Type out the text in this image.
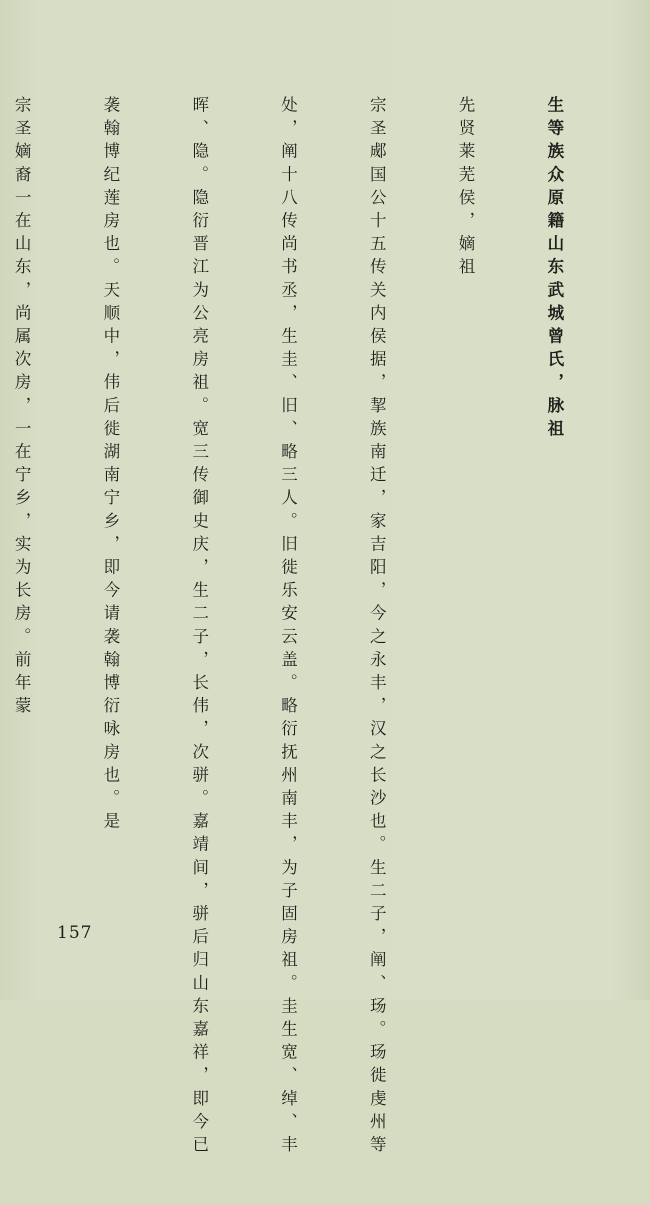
生等族众原籍山东武城曾氏，脉祖

先贤莱芜侯，嫡祖

宗圣郕国公十五传关内侯据，挈族南迁，家吉阳，今之永丰，汉之长沙也。生二子，阐、玚。玚徙虔州等

处，阐十八传尚书丞，生圭、旧、略三人。旧徙乐安云盖。略衍抚州南丰，为子固房祖。圭生宽、绰、丰

晖、隐。隐衍晋江为公亮房祖。宽三传御史庆，生二子，长伟，次骈。嘉靖间，骈后归山东嘉祥，即今已

袭翰博纪莲房也。天顺中，伟后徙湖南宁乡，即今请袭翰博衍咏房也。是

宗圣嫡裔一在山东，尚属次房，一在宁乡，实为长房。前年蒙

157
